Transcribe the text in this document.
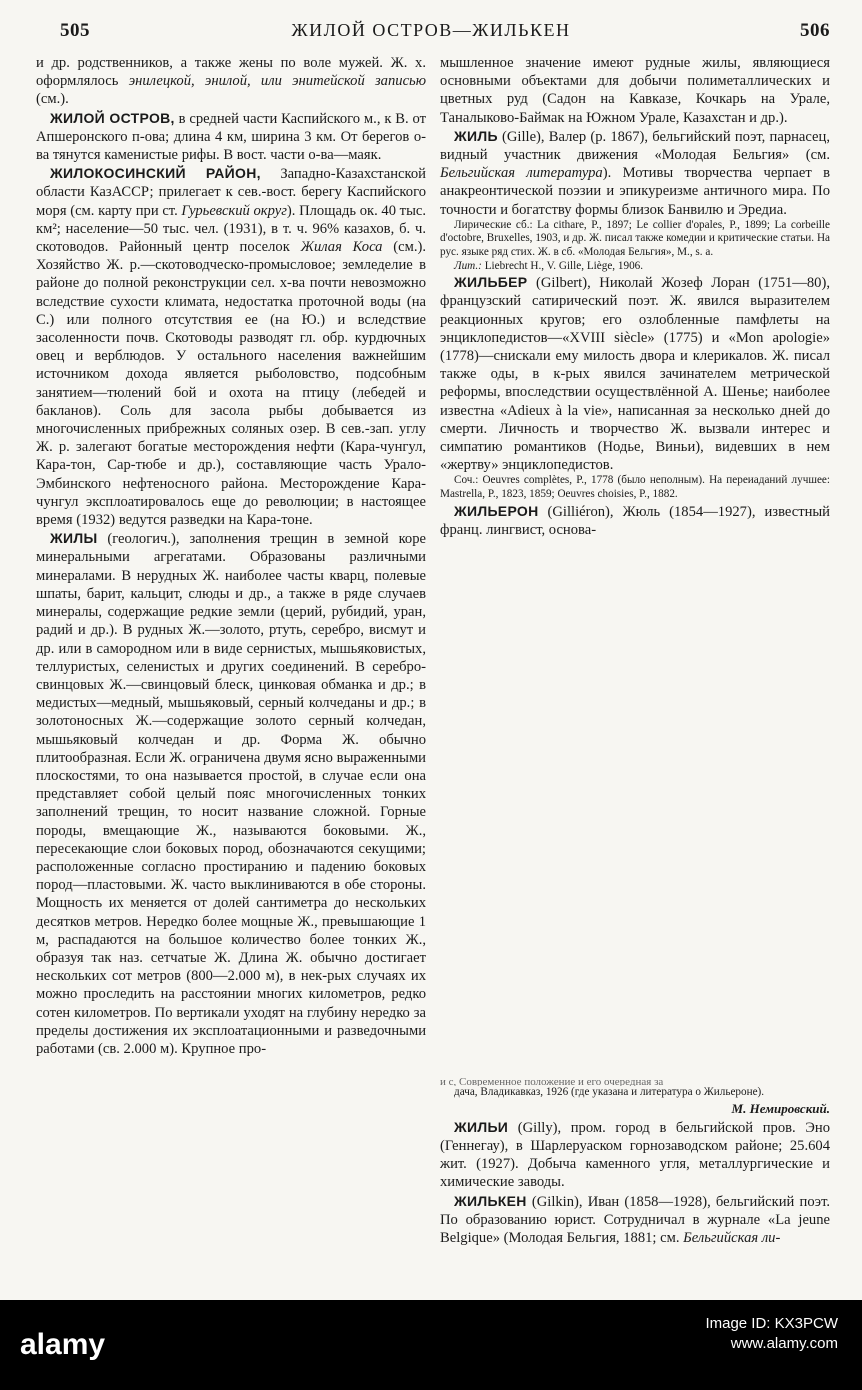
505	ЖИЛОЙ ОСТРОВ—ЖИЛЬКЕН	506

и др. родственников, а также жены по воле мужей. Ж. х. оформлялось энилецкой, энилой, или энитейской записью (см.).

ЖИЛОЙ ОСТРОВ, в средней части Каспийского м., к В. от Апшеронского п-ова; длина 4 км, ширина 3 км. От берегов о-ва тянутся каменистые рифы. В вост. части о-ва—маяк.

ЖИЛОКОСИНСКИЙ РАЙОН, Западно-Казахстанской области КазАССР; прилегает к сев.-вост. берегу Каспийского моря (см. карту при ст. Гурьевский округ). Площадь ок. 40 тыс. км²; население—50 тыс. чел. (1931), в т. ч. 96% казахов, б. ч. скотоводов. Районный центр поселок Жилая Коса (см.). Хозяйство Ж. р.—скотоводческо-промысловое; земледелие в районе до полной реконструкции сел. х-ва почти невозможно вследствие сухости климата, недостатка проточной воды (на С.) или полного отсутствия ее (на Ю.) и вследствие засоленности почв. Скотоводы разводят гл. обр. курдючных овец и верблюдов. У остального населения важнейшим источником дохода является рыболовство, подсобным занятием—тюлений бой и охота на птицу (лебедей и бакланов). Соль для засола рыбы добывается из многочисленных прибрежных соляных озер. В сев.-зап. углу Ж. р. залегают богатые месторождения нефти (Кара-чунгул, Кара-тон, Сар-тюбе и др.), составляющие часть Урало-Эмбинского нефтеносного района. Месторождение Кара-чунгул эксплоатировалось еще до революции; в настоящее время (1932) ведутся разведки на Кара-тоне.

ЖИЛЫ (геологич.), заполнения трещин в земной коре минеральными агрегатами. Образованы различными минералами. В нерудных Ж. наиболее часты кварц, полевые шпаты, барит, кальцит, слюды и др., а также в ряде случаев минералы, содержащие редкие земли (церий, рубидий, уран, радий и др.). В рудных Ж.—золото, ртуть, серебро, висмут и др. или в самородном или в виде сернистых, мышьяковистых, теллуристых, селенистых и других соединений. В серебро-свинцовых Ж.—свинцовый блеск, цинковая обманка и др.; в медистых—медный, мышьяковый, серный колчеданы и др.; в золотоносных Ж.—содержащие золото серный колчедан, мышьяковый колчедан и др. Форма Ж. обычно плитообразная. Если Ж. ограничена двумя ясно выраженными плоскостями, то она называется простой, в случае если она представляет собой целый пояс многочисленных тонких заполнений трещин, то носит название сложной. Горные породы, вмещающие Ж., называются боковыми. Ж., пересекающие слои боковых пород, обозначаются секущими; расположенные согласно простиранию и падению боковых пород—пластовыми. Ж. часто выклиниваются в обе стороны. Мощность их меняется от долей сантиметра до нескольких десятков метров. Нередко более мощные Ж., превышающие 1 м, распадаются на большое количество более тонких Ж., образуя так наз. сетчатые Ж. Длина Ж. обычно достигает нескольких сот метров (800—2.000 м), в нек-рых случаях их можно проследить на расстоянии многих километров, редко сотен километров. По вертикали уходят на глубину нередко за пределы достижения их эксплоатационными и разведочными работами (св. 2.000 м). Крупное про-

мышленное значение имеют рудные жилы, являющиеся основными объектами для добычи полиметаллических и цветных руд (Садон на Кавказе, Кочкарь на Урале, Таналыково-Баймак на Южном Урале, Казахстан и др.).

ЖИЛЬ (Gille), Валер (р. 1867), бельгийский поэт, парнасец, видный участник движения «Молодая Бельгия» (см. Бельгийская литература). Мотивы творчества черпает в анакреонтической поэзии и эпикуреизме античного мира. По точности и богатству формы близок Банвилю и Эредиа.

Лирические сб.: La cithare, P., 1897; Le collier d'opales, P., 1899; La corbeille d'octobre, Bruxelles, 1903, и др. Ж. писал также комедии и критические статьи. На рус. языке ряд стих. Ж. в сб. «Молодая Бельгия», М., s. a.

Лит.: Liebrecht H., V. Gille, Liège, 1906.

ЖИЛЬБЕР (Gilbert), Николай Жозеф Лоран (1751—80), французский сатирический поэт. Ж. явился выразителем реакционных кругов; его озлобленные памфлеты на энциклопедистов—«XVIII siècle» (1775) и «Mon apologie» (1778)—снискали ему милость двора и клерикалов. Ж. писал также оды, в к-рых явился зачинателем метрической реформы, впоследствии осуществлённой А. Шенье; наиболее известна «Adieux à la vie», написанная за несколько дней до смерти. Личность и творчество Ж. вызвали интерес и симпатию романтиков (Нодье, Виньи), видевших в нем «жертву» энциклопедистов.

Соч.: Oeuvres complètes, P., 1778 (было неполным). На переиаданий лучшее: Mastrella, P., 1823, 1859; Oeuvres choisies, P., 1882.

ЖИЛЬЕРОН (Gilliéron), Жюль (1854—1927), известный франц. лингвист, основа-

и с, Современное положение и его очередная за

дача, Владикавказ, 1926 (где указана и литература о Жильероне).

М. Немировский.

ЖИЛЬИ (Gilly), пром. город в бельгийской пров. Эно (Геннегау), в Шарлеруаском горнозаводском районе; 25.604 жит. (1927). Добыча каменного угля, металлургические и химические заводы.

ЖИЛЬКЕН (Gilkin), Иван (1858—1928), бельгийский поэт. По образованию юрист. Сотрудничал в журнале «La jeune Belgique» (Молодая Бельгия, 1881; см. Бельгийская ли-

alamy
Image ID: KX3PCW
www.alamy.com
